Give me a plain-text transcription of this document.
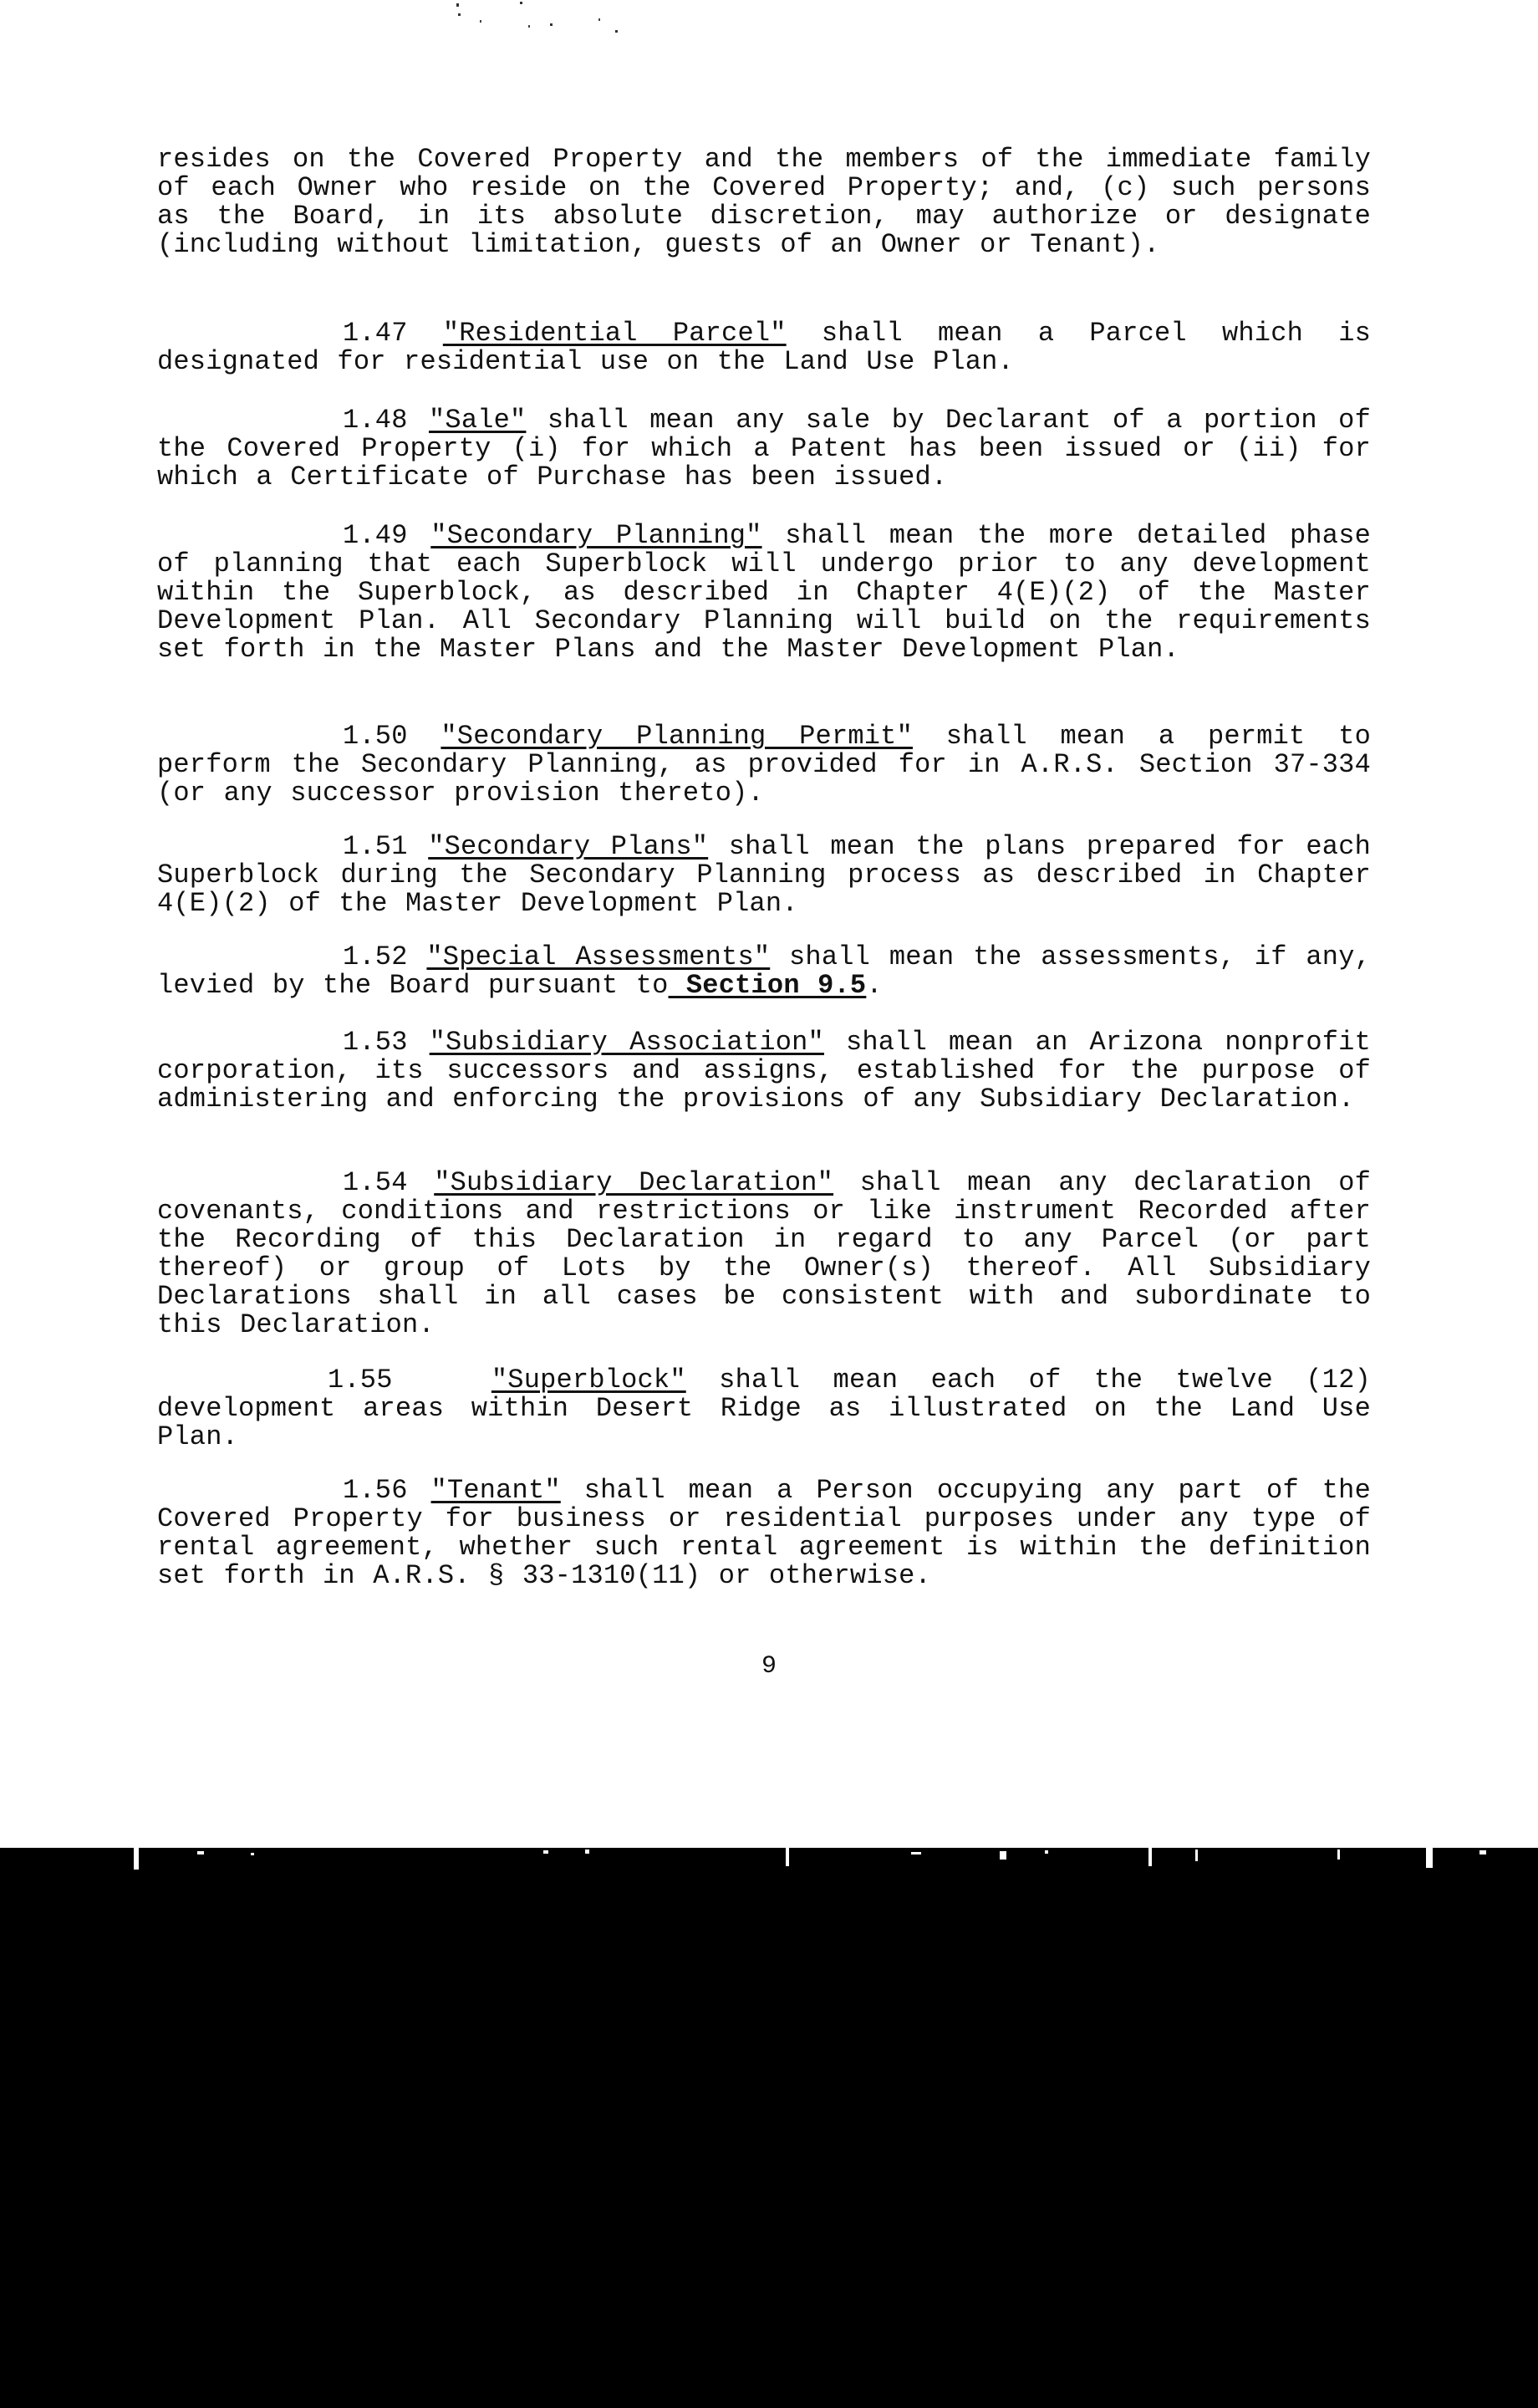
resides on the Covered Property and the members of the immediate family of each Owner who reside on the Covered Property; and, (c) such persons as the Board, in its absolute discretion, may authorize or designate (including without limitation, guests of an Owner or Tenant).

1.47 "Residential Parcel" shall mean a Parcel which is designated for residential use on the Land Use Plan.

1.48 "Sale" shall mean any sale by Declarant of a portion of the Covered Property (i) for which a Patent has been issued or (ii) for which a Certificate of Purchase has been issued.

1.49 "Secondary Planning" shall mean the more detailed phase of planning that each Superblock will undergo prior to any development within the Superblock, as described in Chapter 4(E)(2) of the Master Development Plan. All Secondary Planning will build on the requirements set forth in the Master Plans and the Master Development Plan.

1.50 "Secondary Planning Permit" shall mean a permit to perform the Secondary Planning, as provided for in A.R.S. Section 37-334 (or any successor provision thereto).

1.51 "Secondary Plans" shall mean the plans prepared for each Superblock during the Secondary Planning process as described in Chapter 4(E)(2) of the Master Development Plan.

1.52 "Special Assessments" shall mean the assessments, if any, levied by the Board pursuant to Section 9.5.

1.53 "Subsidiary Association" shall mean an Arizona nonprofit corporation, its successors and assigns, established for the purpose of administering and enforcing the provisions of any Subsidiary Declaration.

1.54 "Subsidiary Declaration" shall mean any declaration of covenants, conditions and restrictions or like instrument Recorded after the Recording of this Declaration in regard to any Parcel (or part thereof) or group of Lots by the Owner(s) thereof. All Subsidiary Declarations shall in all cases be consistent with and subordinate to this Declaration.

1.55	"Superblock" shall mean each of the twelve (12) development areas within Desert Ridge as illustrated on the Land Use Plan.

1.56 "Tenant" shall mean a Person occupying any part of the Covered Property for business or residential purposes under any type of rental agreement, whether such rental agreement is within the definition set forth in A.R.S. § 33-1310(11) or otherwise.

9
